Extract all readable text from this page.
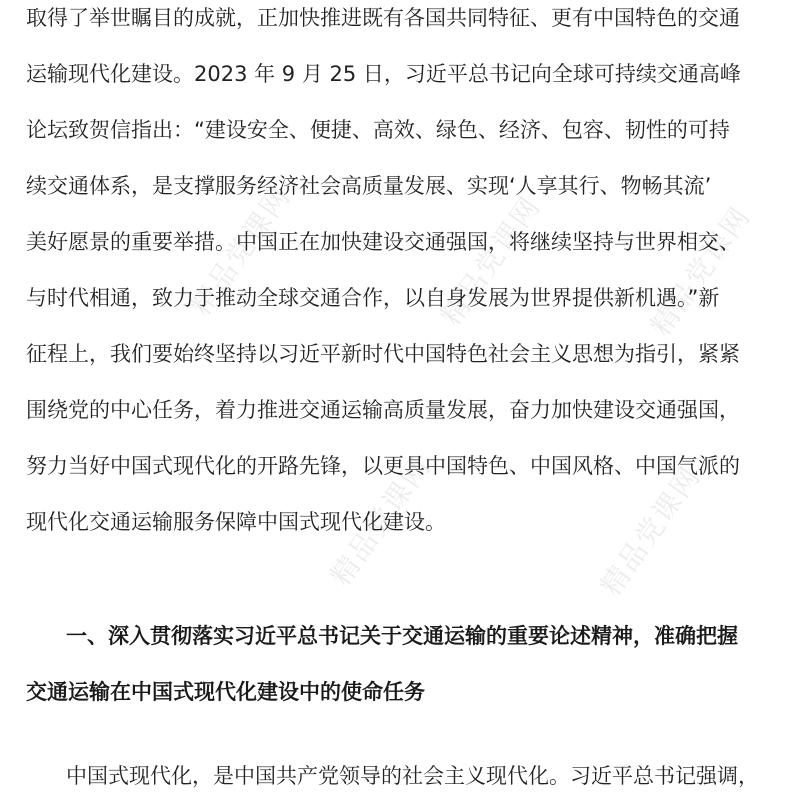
精品党课网	精品党课网	精品党课网
精品党课网	精品党课网
取得了举世瞩目的成就，正加快推进既有各国共同特征、更有中国特色的交通
运输现代化建设。2023 年 9 月 25 日，习近平总书记向全球可持续交通高峰
论坛致贺信指出：“建设安全、便捷、高效、绿色、经济、包容、韧性的可持
续交通体系，是支撑服务经济社会高质量发展、实现‘人享其行、物畅其流’
美好愿景的重要举措。中国正在加快建设交通强国，将继续坚持与世界相交、
与时代相通，致力于推动全球交通合作，以自身发展为世界提供新机遇。”新
征程上，我们要始终坚持以习近平新时代中国特色社会主义思想为指引，紧紧
围绕党的中心任务，着力推进交通运输高质量发展，奋力加快建设交通强国，
努力当好中国式现代化的开路先锋，以更具中国特色、中国风格、中国气派的
现代化交通运输服务保障中国式现代化建设。
一、深入贯彻落实习近平总书记关于交通运输的重要论述精神，准确把握
交通运输在中国式现代化建设中的使命任务
中国式现代化，是中国共产党领导的社会主义现代化。习近平总书记强调，
